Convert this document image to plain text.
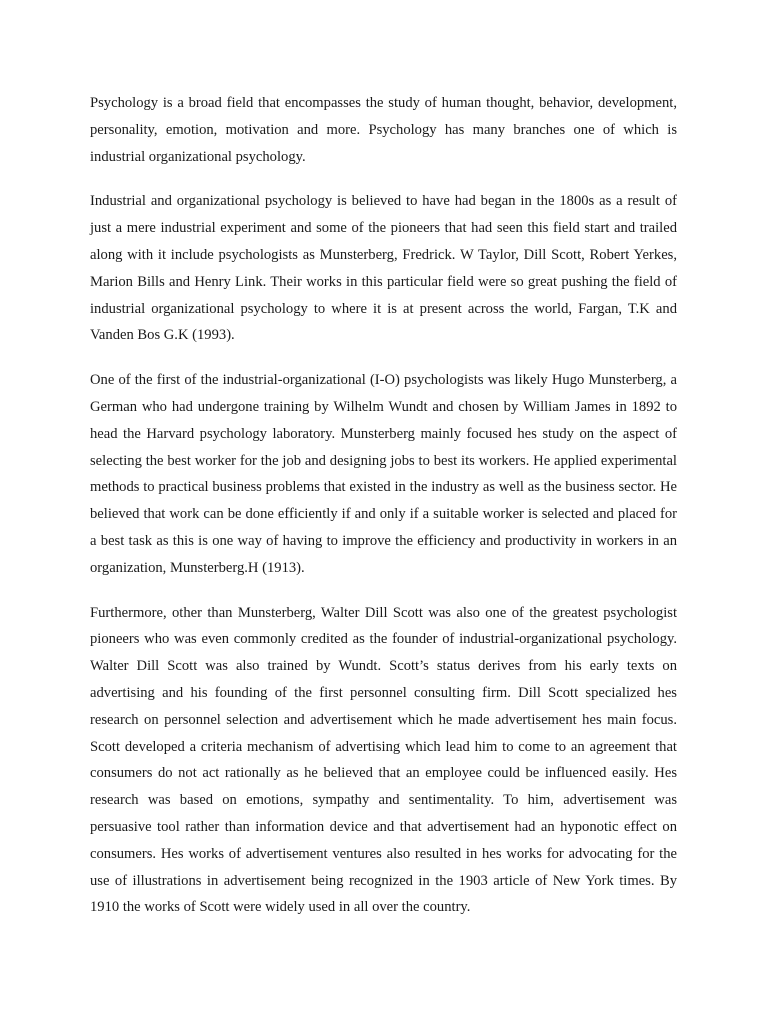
Psychology is a broad field that encompasses the study of human thought, behavior, development, personality, emotion, motivation and more. Psychology has many branches one of which is industrial organizational psychology.

Industrial and organizational psychology is believed to have had began in the 1800s as a result of just a mere industrial experiment and some of the pioneers that had seen this field start and trailed along with it include psychologists as Munsterberg, Fredrick. W Taylor, Dill Scott, Robert Yerkes, Marion Bills and Henry Link. Their works in this particular field were so great pushing the field of industrial organizational psychology to where it is at present across the world, Fargan, T.K and Vanden Bos G.K (1993).

One of the first of the industrial-organizational (I-O) psychologists was likely Hugo Munsterberg, a German who had undergone training by Wilhelm Wundt and chosen by William James in 1892 to head the Harvard psychology laboratory. Munsterberg mainly focused hes study on the aspect of selecting the best worker for the job and designing jobs to best its workers. He applied experimental methods to practical business problems that existed in the industry as well as the business sector. He believed that work can be done efficiently if and only if a suitable worker is selected and placed for a best task as this is one way of having to improve the efficiency and productivity in workers in an organization, Munsterberg.H (1913).

Furthermore, other than Munsterberg, Walter Dill Scott was also one of the greatest psychologist pioneers who was even commonly credited as the founder of industrial-organizational psychology. Walter Dill Scott was also trained by Wundt. Scott’s status derives from his early texts on advertising and his founding of the first personnel consulting firm. Dill Scott specialized hes research on personnel selection and advertisement which he made advertisement hes main focus. Scott developed a criteria mechanism of advertising which lead him to come to an agreement that consumers do not act rationally as he believed that an employee could be influenced easily. Hes research was based on emotions, sympathy and sentimentality. To him, advertisement was persuasive tool rather than information device and that advertisement had an hyponotic effect on consumers. Hes works of advertisement ventures also resulted in hes works for advocating for the use of illustrations in advertisement being recognized in the 1903 article of New York times. By 1910 the works of Scott were widely used in all over the country.
